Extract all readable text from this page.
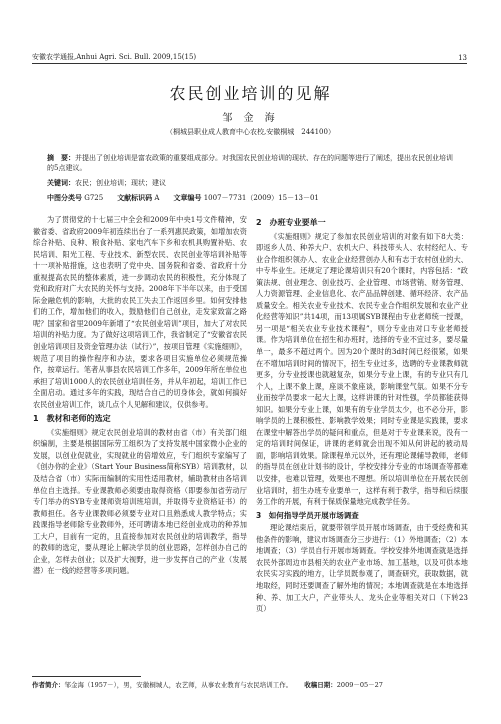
安徽农学通报,Anhui Agri. Sci. Bull. 2009,15(15)	13
农民创业培训的见解
邹 金 海
（桐城县职业成人教育中心农校,安徽桐城　244100）
摘　要：并提出了创业培训是富农政策的重要组成部分。对我国农民创业培训的现状、存在的问题等进行了阐述，提出农民创业培训的5点建议。
关键词：农民；创业培训；现状；建议
中图分类号 G725 文献标识码 A 文章编号 1007－7731（2009）15－13－01

为了贯彻党的十七届三中全会和2009年中央1号文件精神，安徽省委、省政府2009年初连续出台了一系列惠民政策，如增加农资综合补贴、良种、粮食补贴、家电汽车下乡和农机具购置补贴、农民培训、阳光工程、专业技术、新型农民、农民创业等培训补贴等十一项补贴措施，这也表明了党中央、国务院和省委、省政府十分重视提高农民的整体素质，进一步调动农民的积极性，充分体现了党和政府对广大农民的关怀与支持。2008年下半年以来，由于受国际金融危机的影响，大批的农民工失去工作返回乡里。如何安排他们的工作，增加他们的收入，鼓励他们自己创业，走发家致富之路呢？国家和省里2009年新增了“农民创业培训”项目，加大了对农民培训的补贴力度。为了做好这项培训工作，我省制定了“安徽省农民创业培训项目及资金管理办法（试行）”，按项目管理《实施细则》，规范了项目的操作程序和办法，要求各项目实施单位必须规范操作，按章运行。笔者从事县农民培训工作多年，2009年所在单位也承担了培训1000人的农民创业培训任务，并从年初起，培训工作已全面启动。通过多年的实践，现结合自己的切身体会，就如何搞好农民创业培训工作，谈几点个人见解和建议，仅供参考。

1　教材和老师的选定

《实施细则》规定农民创业培训的教材由省（市）有关部门组织编制，主要是根据国际劳工组织为了支持发展中国家微小企业的发展，以创业促就业，实现就业的倍增效应，专门组织专家编写了《创办你的企业》（Start Your Business简称SYB）培训教材，以及结合省（市）实际而编制的实用性适用教材，辅助教材由各培训单位自主选择。专业课教师必须要由取得资格（即要参加省劳动厅专门举办的SYB专业课师资培训班培训，并取得专业资格证书）的教师担任。各专业课教师必须要专业对口且熟悉成人教学特点；实践课指导老师除专业教师外，还可聘请本地已经创业成功的种养加工大户，目前有一定的，且直接参加对农民创业的培训教学，指导的教师的选定，要从理论上解决学员的创业思路，怎样创办自己的企业，怎样去创业；以及扩大视野，进一步发挥自己的产业（发展潜）在一线的经营等多项问题。

2　办班专业要单一

《实施细则》规定了参加农民创业培训的对象有如下8大类：即返乡人员、种养大户、农机大户、科技带头人、农村经纪人、专业合作组织领办人、农业企业经营创办人和有志于农村创业的大、中专毕业生。还规定了理论课培训只有20个课时，内容包括：“政策法规、创业理念、创业技巧、企业管理、市场营销、财务管理、人力资源管理、企业信息化、农产品品牌创建、循环经济、农产品质量安全。相关农业专业技术、农民专业合作组织发展和农业产业化经营等知识”共14项，而13项属SYB课程由专业老师统一授课，另一项是“相关农业专业技术课程”，则分专业由对口专业老师授课。作为培训单位在招生和办班时，选择的专业不宜过多，要尽量单一，最多不超过两个。因为20个课时的3d时间已经很紧，如果在不增加培训时间的情况下，招生专业过多，选聘的专业课教师就更多，分专业授课也就越复杂，如果分专业上课，有的专业只有几个人，上课不象上课，座谈不象座谈，影响课堂气氛。如果不分专业而按学员要求一起大上课，这样讲课的针对性强，学员都能获得知识。如果分专业上课，如果有的专业学员太少，也不必分开，影响学员的上课积极性、影响教学效果；同时专业课是实践课，要求在课堂中解答出学员的疑问和重点，但是对于专业课来说，没有一定的培训时间保证，讲课的老师就会出现不知从何讲起的被动局面，影响培训效果。除课程单元以外，还有理论课辅导教师，老师的指导员在创业计划书的设计，学校安排分专业的市场调查等都难以安排，也难以管理，效果也不理想。所以培训单位在开展农民创业培训时，招生办班专业要单一，这样有利于教学，指导和后续服务工作的开展，有利于保质保量地完成教学任务。

3　如何指导学员开展市场调查

理论课结束后，就要带领学员开展市场调查，由于受经费和其他条件的影响，建议市场调查分三步进行：（1）外地调查；（2）本地调查；（3）学员自行开展市场调查。学校安排外地调查就是选择农民外部周边市县相关的农业产业市场、加工基地，以及可供本地农民实习实践的地方，让学员既参观了，调查研究，获取数据，就地取经，同时还要调查了解外地的情况；本地调查就是在本地选择种、养、加工大户，产业带头人、龙头企业等相关对口（下转23页）

作者简介：邹金海（1957－），男，安徽桐城人，农艺师，从事农业教育与农民培训工作。 收稿日期：2009－05－27
